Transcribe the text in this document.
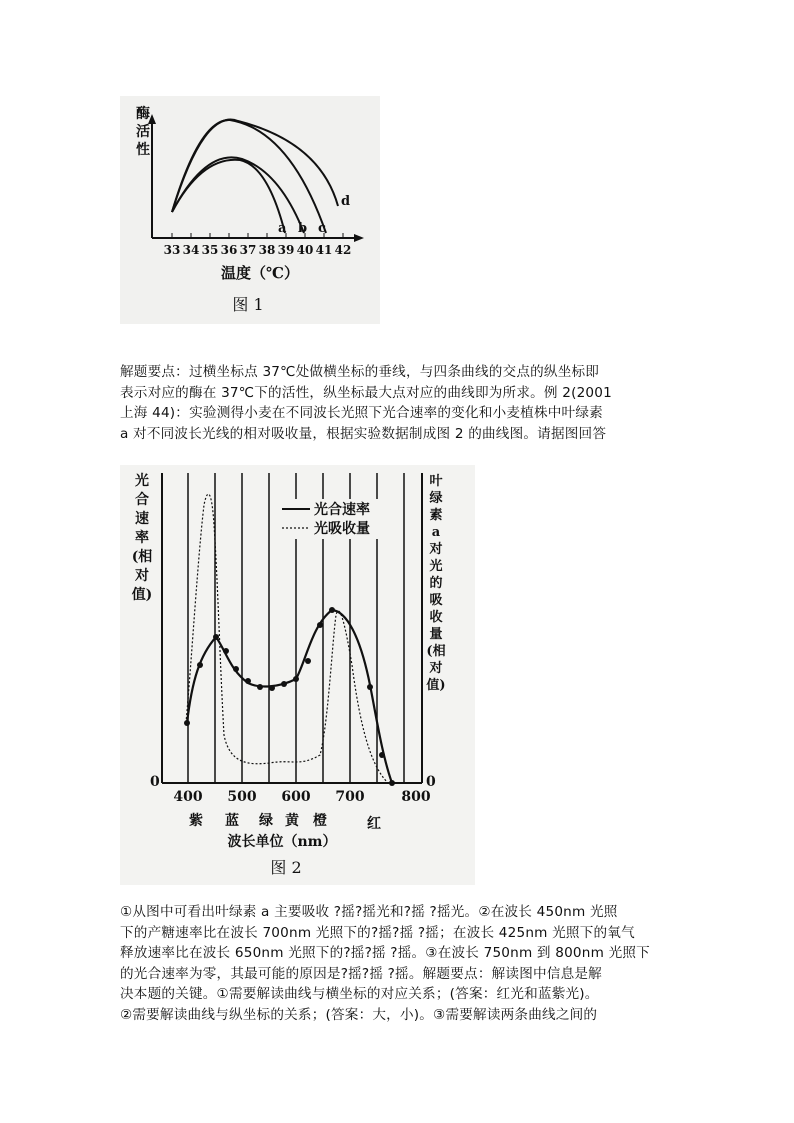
酶
活
性
a b c
d
33 34 35 36 37 38 39 40 41 42
温度（℃）
图 1
解题要点：过横坐标点 37℃处做横坐标的垂线，与四条曲线的交点的纵坐标即
表示对应的酶在 37℃下的活性，纵坐标最大点对应的曲线即为所求。例 2(2001
上海 44)：实验测得小麦在不同波长光照下光合速率的变化和小麦植株中叶绿素
a 对不同波长光线的相对吸收量，根据实验数据制成图 2 的曲线图。请据图回答
光
合
速
率
(相
对
值)
叶
绿
素
a
对
光
的
吸
收
量
(相
对
值)
0	0
光合速率
光吸收量
400 500 600 700	800
紫 蓝 绿 黄 橙	红
波长单位（nm）
图 2
①从图中可看出叶绿素 a 主要吸收 ?摇?摇光和?摇 ?摇光。②在波长 450nm 光照
下的产糖速率比在波长 700nm 光照下的?摇?摇 ?摇；在波长 425nm 光照下的氧气
释放速率比在波长 650nm 光照下的?摇?摇 ?摇。③在波长 750nm 到 800nm 光照下
的光合速率为零，其最可能的原因是?摇?摇 ?摇。解题要点：解读图中信息是解
决本题的关键。①需要解读曲线与横坐标的对应关系；(答案：红光和蓝紫光)。
②需要解读曲线与纵坐标的关系；(答案：大，小)。③需要解读两条曲线之间的
